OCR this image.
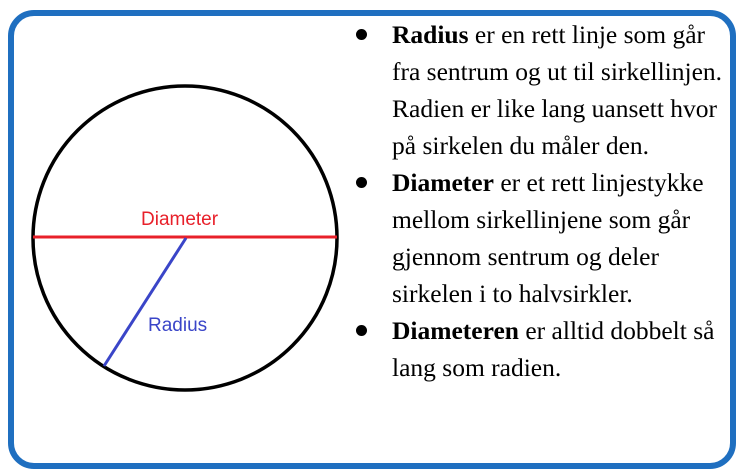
Diameter
Radius
Radius er en rett linje som går fra sentrum og ut til sirkellinjen. Radien er like lang uansett hvor på sirkelen du måler den.
Diameter er et rett linjestykke mellom sirkellinjene som går gjennom sentrum og deler sirkelen i to halvsirkler.
Diameteren er alltid dobbelt så lang som radien.
